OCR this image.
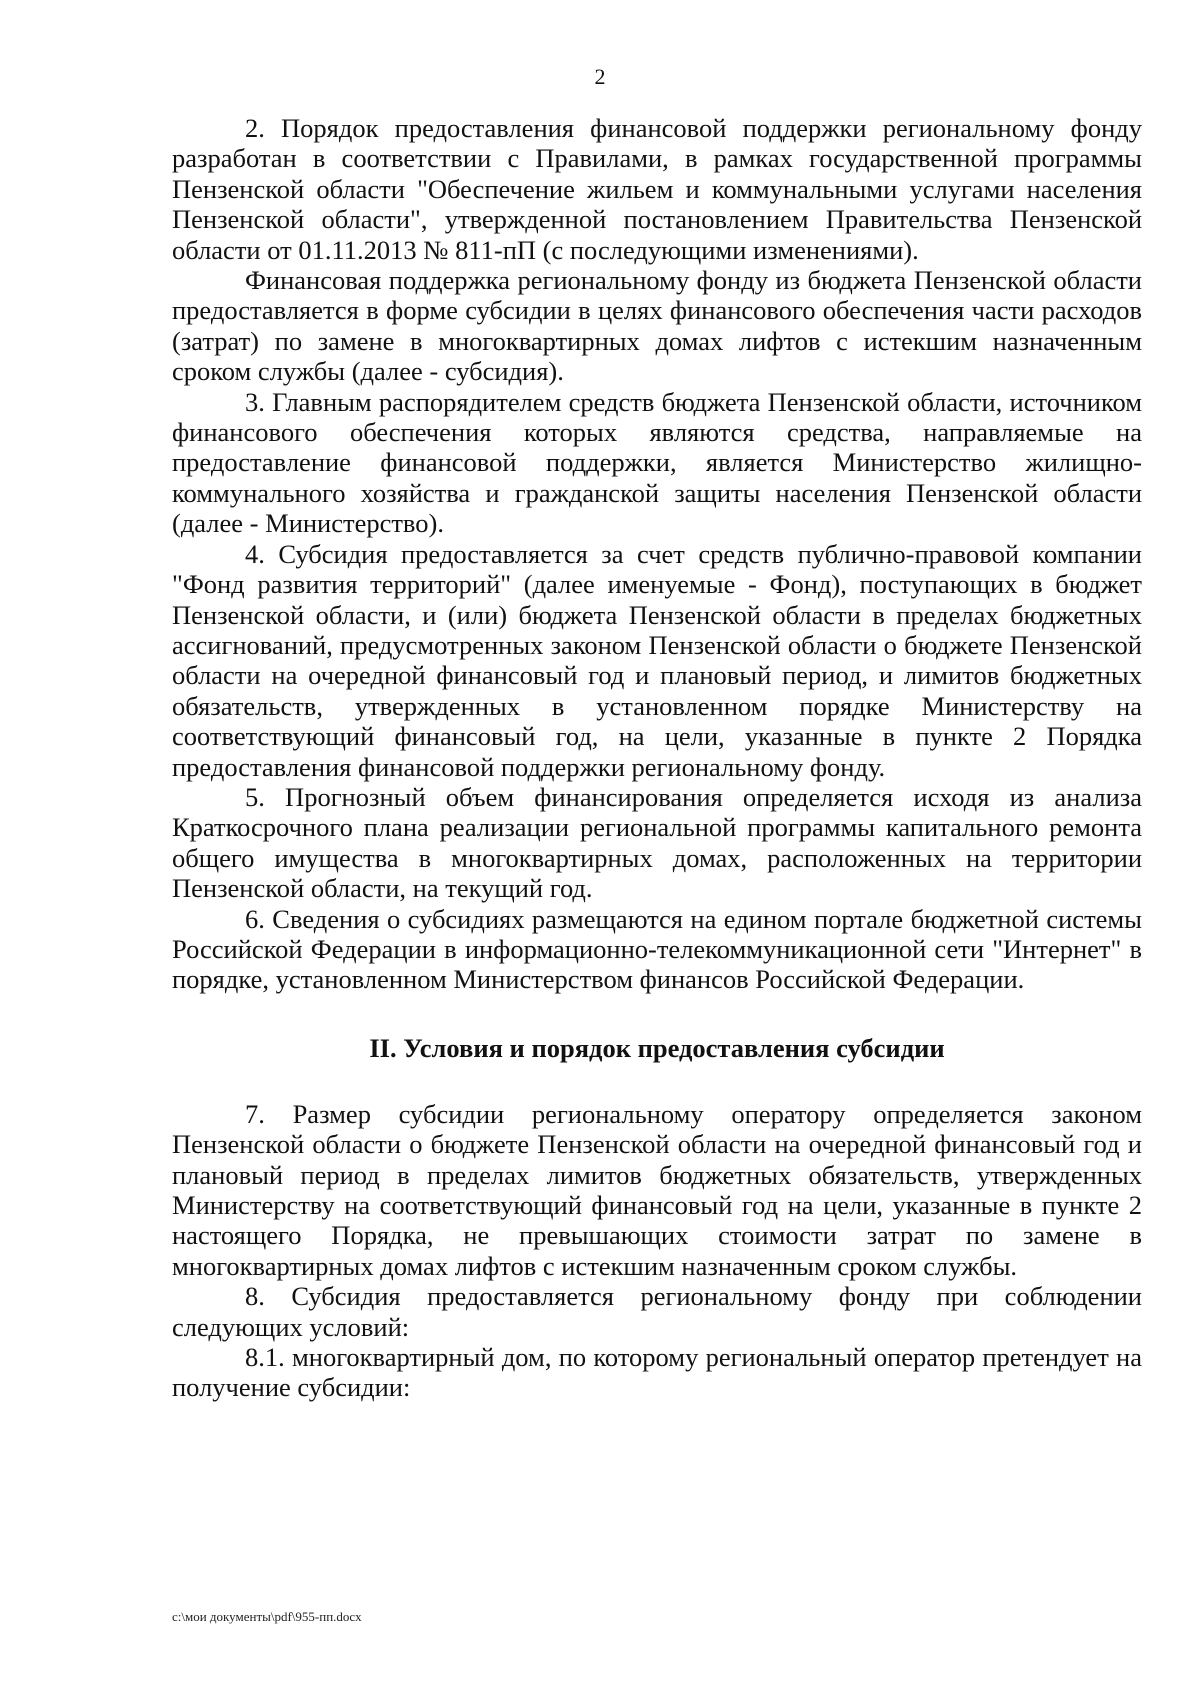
2

2. Порядок предоставления финансовой поддержки региональному фонду разработан в соответствии с Правилами, в рамках государственной программы Пензенской области "Обеспечение жильем и коммунальными услугами населения Пензенской области", утвержденной постановлением Правительства Пензенской области от 01.11.2013 № 811-пП (с последующими изменениями).

Финансовая поддержка региональному фонду из бюджета Пензенской области предоставляется в форме субсидии в целях финансового обеспечения части расходов (затрат) по замене в многоквартирных домах лифтов с истекшим назначенным сроком службы (далее - субсидия).

3. Главным распорядителем средств бюджета Пензенской области, источником финансового обеспечения которых являются средства, направляемые на предоставление финансовой поддержки, является Министерство жилищно-коммунального хозяйства и гражданской защиты населения Пензенской области (далее - Министерство).

4. Субсидия предоставляется за счет средств публично-правовой компании "Фонд развития территорий" (далее именуемые - Фонд), поступающих в бюджет Пензенской области, и (или) бюджета Пензенской области в пределах бюджетных ассигнований, предусмотренных законом Пензенской области о бюджете Пензенской области на очередной финансовый год и плановый период, и лимитов бюджетных обязательств, утвержденных в установленном порядке Министерству на соответствующий финансовый год, на цели, указанные в пункте 2 Порядка предоставления финансовой поддержки региональному фонду.

5. Прогнозный объем финансирования определяется исходя из анализа Краткосрочного плана реализации региональной программы капитального ремонта общего имущества в многоквартирных домах, расположенных на территории Пензенской области, на текущий год.

6. Сведения о субсидиях размещаются на едином портале бюджетной системы Российской Федерации в информационно-телекоммуникационной сети "Интернет" в порядке, установленном Министерством финансов Российской Федерации.

II. Условия и порядок предоставления субсидии

7. Размер субсидии региональному оператору определяется законом Пензенской области о бюджете Пензенской области на очередной финансовый год и плановый период в пределах лимитов бюджетных обязательств, утвержденных Министерству на соответствующий финансовый год на цели, указанные в пункте 2 настоящего Порядка, не превышающих стоимости затрат по замене в многоквартирных домах лифтов с истекшим назначенным сроком службы.

8. Субсидия предоставляется региональному фонду при соблюдении следующих условий:

8.1. многоквартирный дом, по которому региональный оператор претендует на получение субсидии:

c:\мои документы\pdf\955-пп.docx
